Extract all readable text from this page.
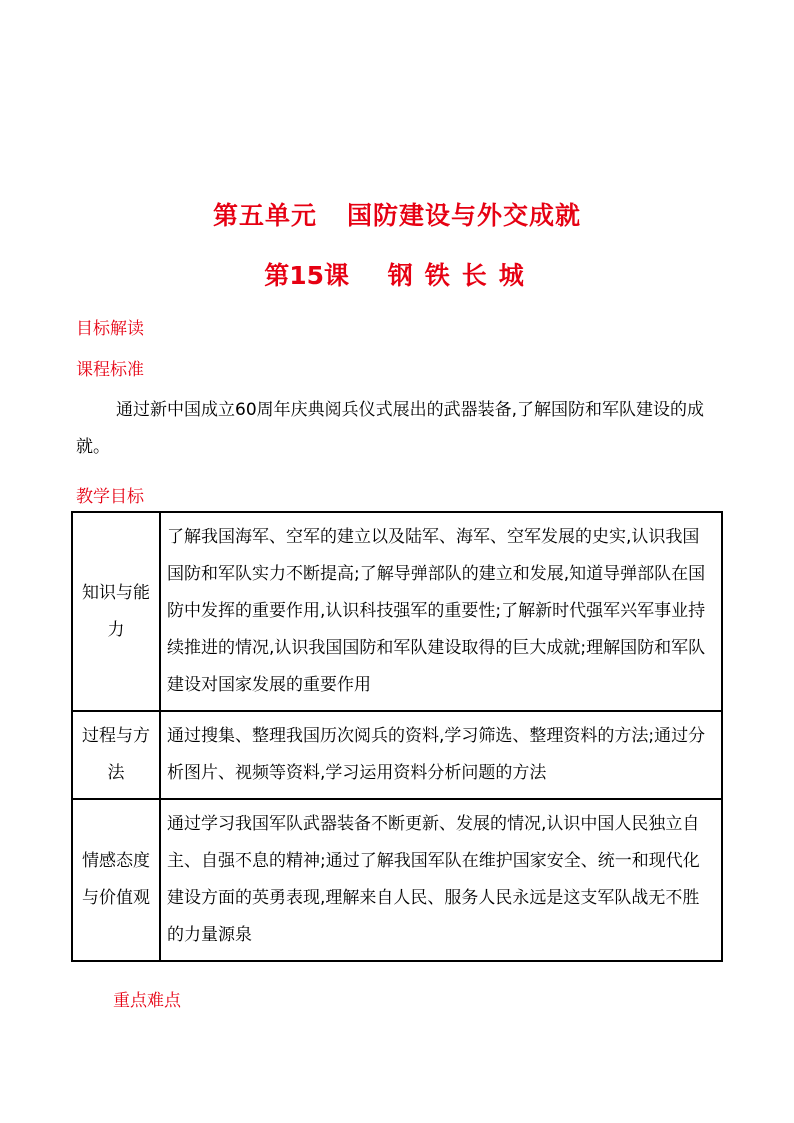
第五单元 国防建设与外交成就
第15课 钢 铁 长 城
目标解读
课程标准
通过新中国成立60周年庆典阅兵仪式展出的武器装备,了解国防和军队建设的成就。
教学目标
知识与能力	了解我国海军、空军的建立以及陆军、海军、空军发展的史实,认识我国国防和军队实力不断提高;了解导弹部队的建立和发展,知道导弹部队在国防中发挥的重要作用,认识科技强军的重要性;了解新时代强军兴军事业持续推进的情况,认识我国国防和军队建设取得的巨大成就;理解国防和军队建设对国家发展的重要作用
过程与方法	通过搜集、整理我国历次阅兵的资料,学习筛选、整理资料的方法;通过分析图片、视频等资料,学习运用资料分析问题的方法
情感态度与价值观	通过学习我国军队武器装备不断更新、发展的情况,认识中国人民独立自主、自强不息的精神;通过了解我国军队在维护国家安全、统一和现代化建设方面的英勇表现,理解来自人民、服务人民永远是这支军队战无不胜的力量源泉
重点难点
